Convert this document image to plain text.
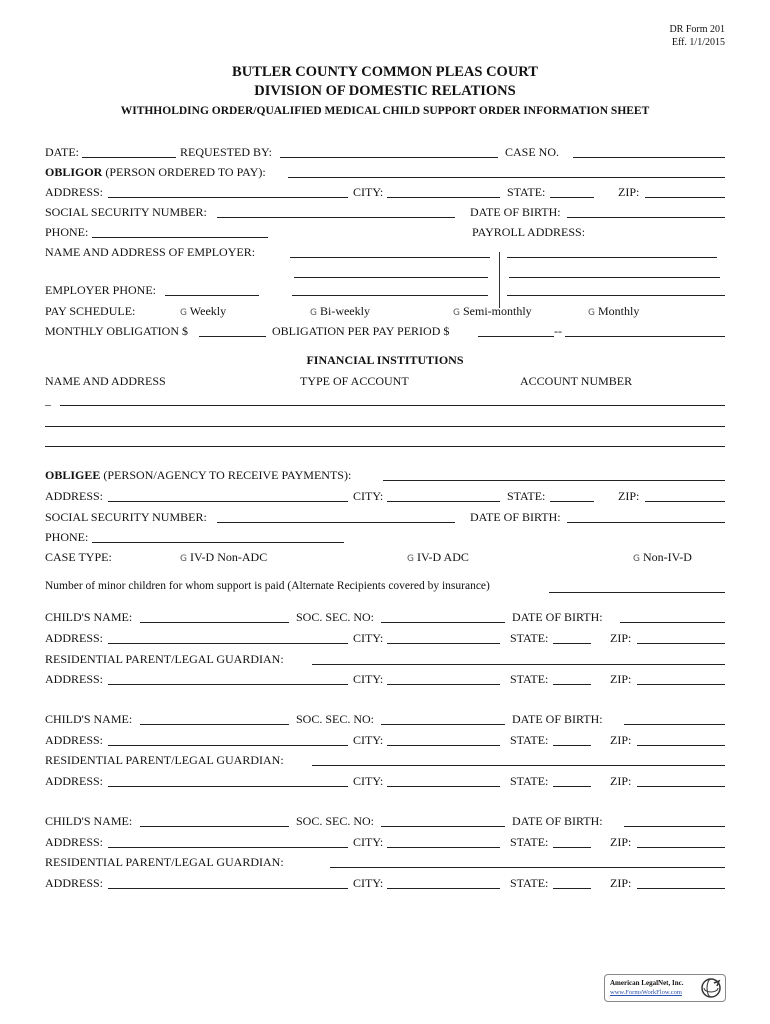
DR Form 201
Eff. 1/1/2015
BUTLER COUNTY COMMON PLEAS COURT
DIVISION OF DOMESTIC RELATIONS
WITHHOLDING ORDER/QUALIFIED MEDICAL CHILD SUPPORT ORDER INFORMATION SHEET
DATE:	REQUESTED BY:	CASE NO.
OBLIGOR (PERSON ORDERED TO PAY):
ADDRESS:	CITY:	STATE:	ZIP:
SOCIAL SECURITY NUMBER:	DATE OF BIRTH:
PHONE:	PAYROLL ADDRESS:
NAME AND ADDRESS OF EMPLOYER:
EMPLOYER PHONE:
PAY SCHEDULE:	G Weekly	G Bi-weekly	G Semi-monthly	G Monthly
MONTHLY OBLIGATION $	OBLIGATION PER PAY PERIOD $	--
FINANCIAL INSTITUTIONS
NAME AND ADDRESS	TYPE OF ACCOUNT	ACCOUNT NUMBER
_
OBLIGEE (PERSON/AGENCY TO RECEIVE PAYMENTS):
ADDRESS:	CITY:	STATE:	ZIP:
SOCIAL SECURITY NUMBER:	DATE OF BIRTH:
PHONE:
CASE TYPE:	G IV-D Non-ADC	G IV-D ADC	G Non-IV-D
Number of minor children for whom support is paid (Alternate Recipients covered by insurance)
CHILD'S NAME:	SOC. SEC. NO:	DATE OF BIRTH:
ADDRESS:	CITY:	STATE:	ZIP:
RESIDENTIAL PARENT/LEGAL GUARDIAN:
ADDRESS:	CITY:	STATE:	ZIP:
CHILD'S NAME:	SOC. SEC. NO:	DATE OF BIRTH:
ADDRESS:	CITY:	STATE:	ZIP:
RESIDENTIAL PARENT/LEGAL GUARDIAN:
ADDRESS:	CITY:	STATE:	ZIP:
CHILD'S NAME:	SOC. SEC. NO:	DATE OF BIRTH:
ADDRESS:	CITY:	STATE:	ZIP:
RESIDENTIAL PARENT/LEGAL GUARDIAN:
ADDRESS:	CITY:	STATE:	ZIP:
American LegalNet, Inc.
www.FormsWorkFlow.com
